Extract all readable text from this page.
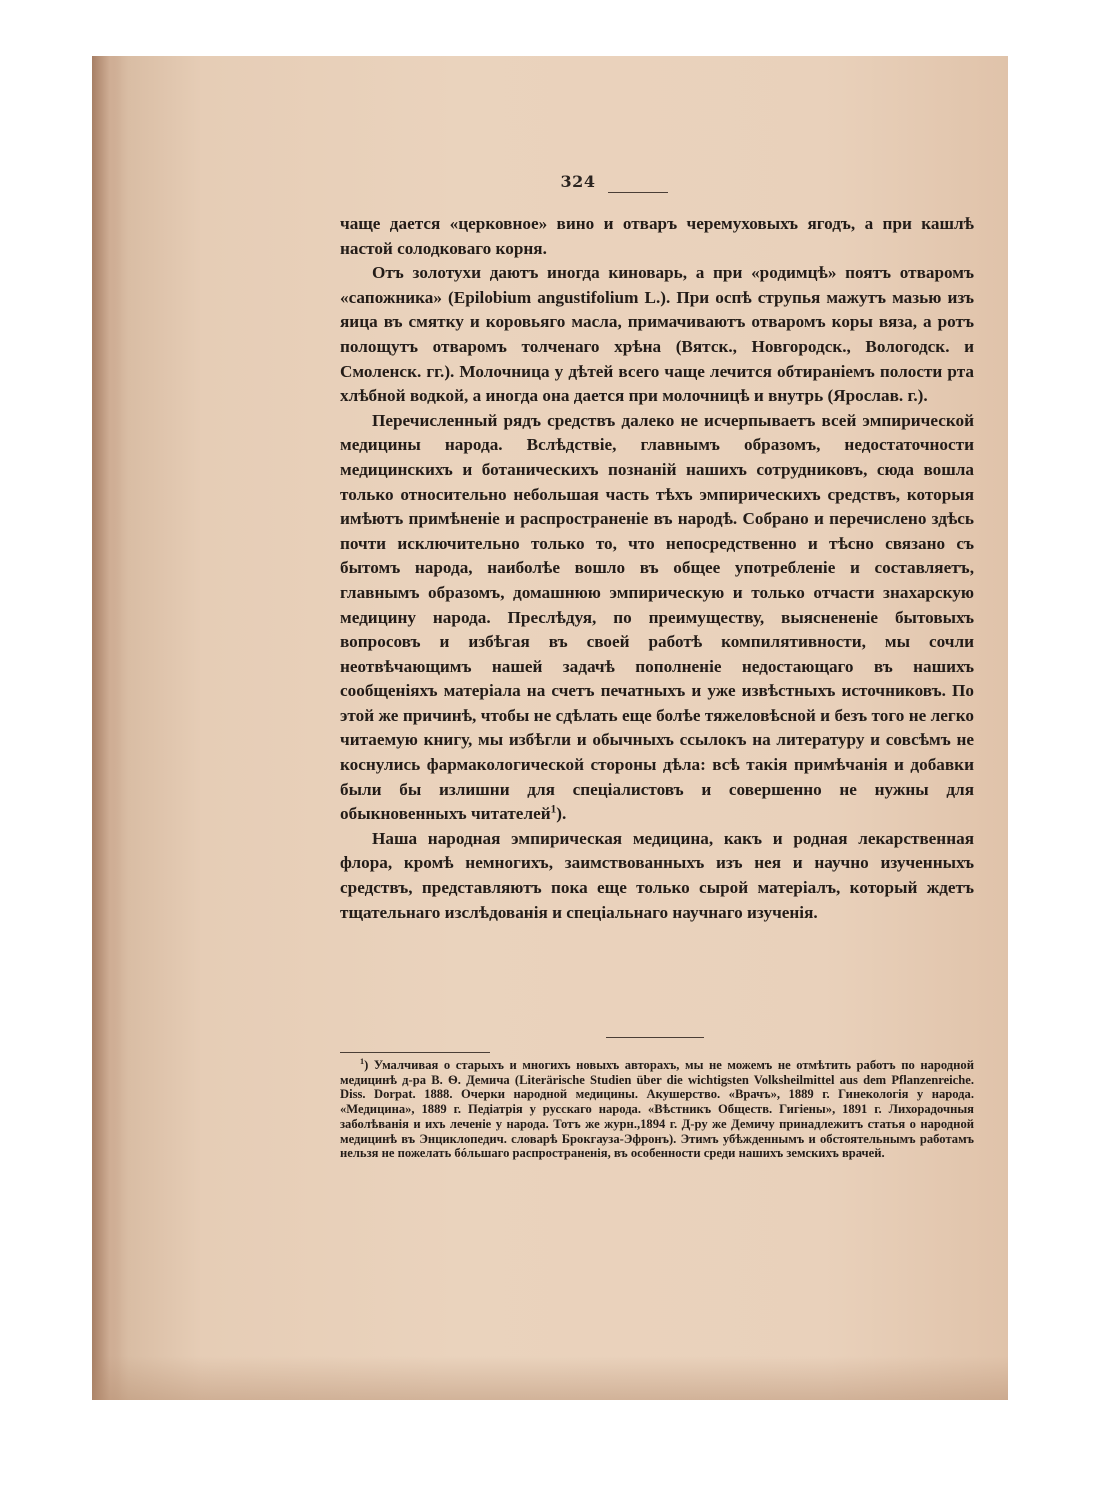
324

чаще дается «церковное» вино и отваръ черемуховыхъ ягодъ, а при кашлѣ настой солодковаго корня.

Отъ золотухи даютъ иногда киноварь, а при «родимцѣ» поятъ отваромъ «сапожника» (Epilobium angustifolium L.). При оспѣ струпья мажутъ мазью изъ яица въ смятку и коровьяго масла, примачиваютъ отваромъ коры вяза, а ротъ полощутъ отваромъ толченаго хрѣна (Вятск., Новгородск., Вологодск. и Смоленск. гг.). Молочница у дѣтей всего чаще лечится обтираніемъ полости рта хлѣбной водкой, а иногда она дается при молочницѣ и внутрь (Ярослав. г.).

Перечисленный рядъ средствъ далеко не исчерпываетъ всей эмпирической медицины народа. Вслѣдствіе, главнымъ образомъ, недостаточности медицинскихъ и ботаническихъ познаній нашихъ сотрудниковъ, сюда вошла только относительно небольшая часть тѣхъ эмпирическихъ средствъ, которыя имѣютъ примѣненіе и распространеніе въ народѣ. Собрано и перечислено здѣсь почти исключительно только то, что непосредственно и тѣсно связано съ бытомъ народа, наиболѣе вошло въ общее употребленіе и составляетъ, главнымъ образомъ, домашнюю эмпирическую и только отчасти знахарскую медицину народа. Преслѣдуя, по преимуществу, выяснененіе бытовыхъ вопросовъ и избѣгая въ своей работѣ компилятивности, мы сочли неотвѣчающимъ нашей задачѣ пополненіе недостающаго въ нашихъ сообщеніяхъ матеріала на счетъ печатныхъ и уже извѣстныхъ источниковъ. По этой же причинѣ, чтобы не сдѣлать еще болѣе тяжеловѣсной и безъ того не легко читаемую книгу, мы избѣгли и обычныхъ ссылокъ на литературу и совсѣмъ не коснулись фармакологической стороны дѣла: всѣ такія примѣчанія и добавки были бы излишни для спеціалистовъ и совершенно не нужны для обыкновенныхъ читателей$^1$).

Наша народная эмпирическая медицина, какъ и родная лекарственная флора, кромѣ немногихъ, заимствованныхъ изъ нея и научно изученныхъ средствъ, представляютъ пока еще только сырой матеріалъ, который ждетъ тщательнаго изслѣдованія и спеціальнаго научнаго изученія.

$^1$) Умалчивая о старыхъ и многихъ новыхъ авторахъ, мы не можемъ не отмѣтить работъ по народной медицинѣ д-ра В. Ѳ. Демича (Literärische Studien über die wichtigsten Volksheilmittel aus dem Pflanzenreiche. Diss. Dorpat. 1888. Очерки народной медицины. Акушерство. «Врачъ», 1889 г. Гинекологія у народа. «Медицина», 1889 г. Педіатрія у русскаго народа. «Вѣстникъ Обществ. Гигіены», 1891 г. Лихорадочныя заболѣванія и ихъ леченіе у народа. Тотъ же журн.,1894 г. Д-ру же Демичу принадлежитъ статья о народной медицинѣ въ Энциклопедич. словарѣ Брокгауза-Эфронъ). Этимъ убѣжденнымъ и обстоятельнымъ работамъ нельзя не пожелать бóльшаго распространенія, въ особенности среди нашихъ земскихъ врачей.
